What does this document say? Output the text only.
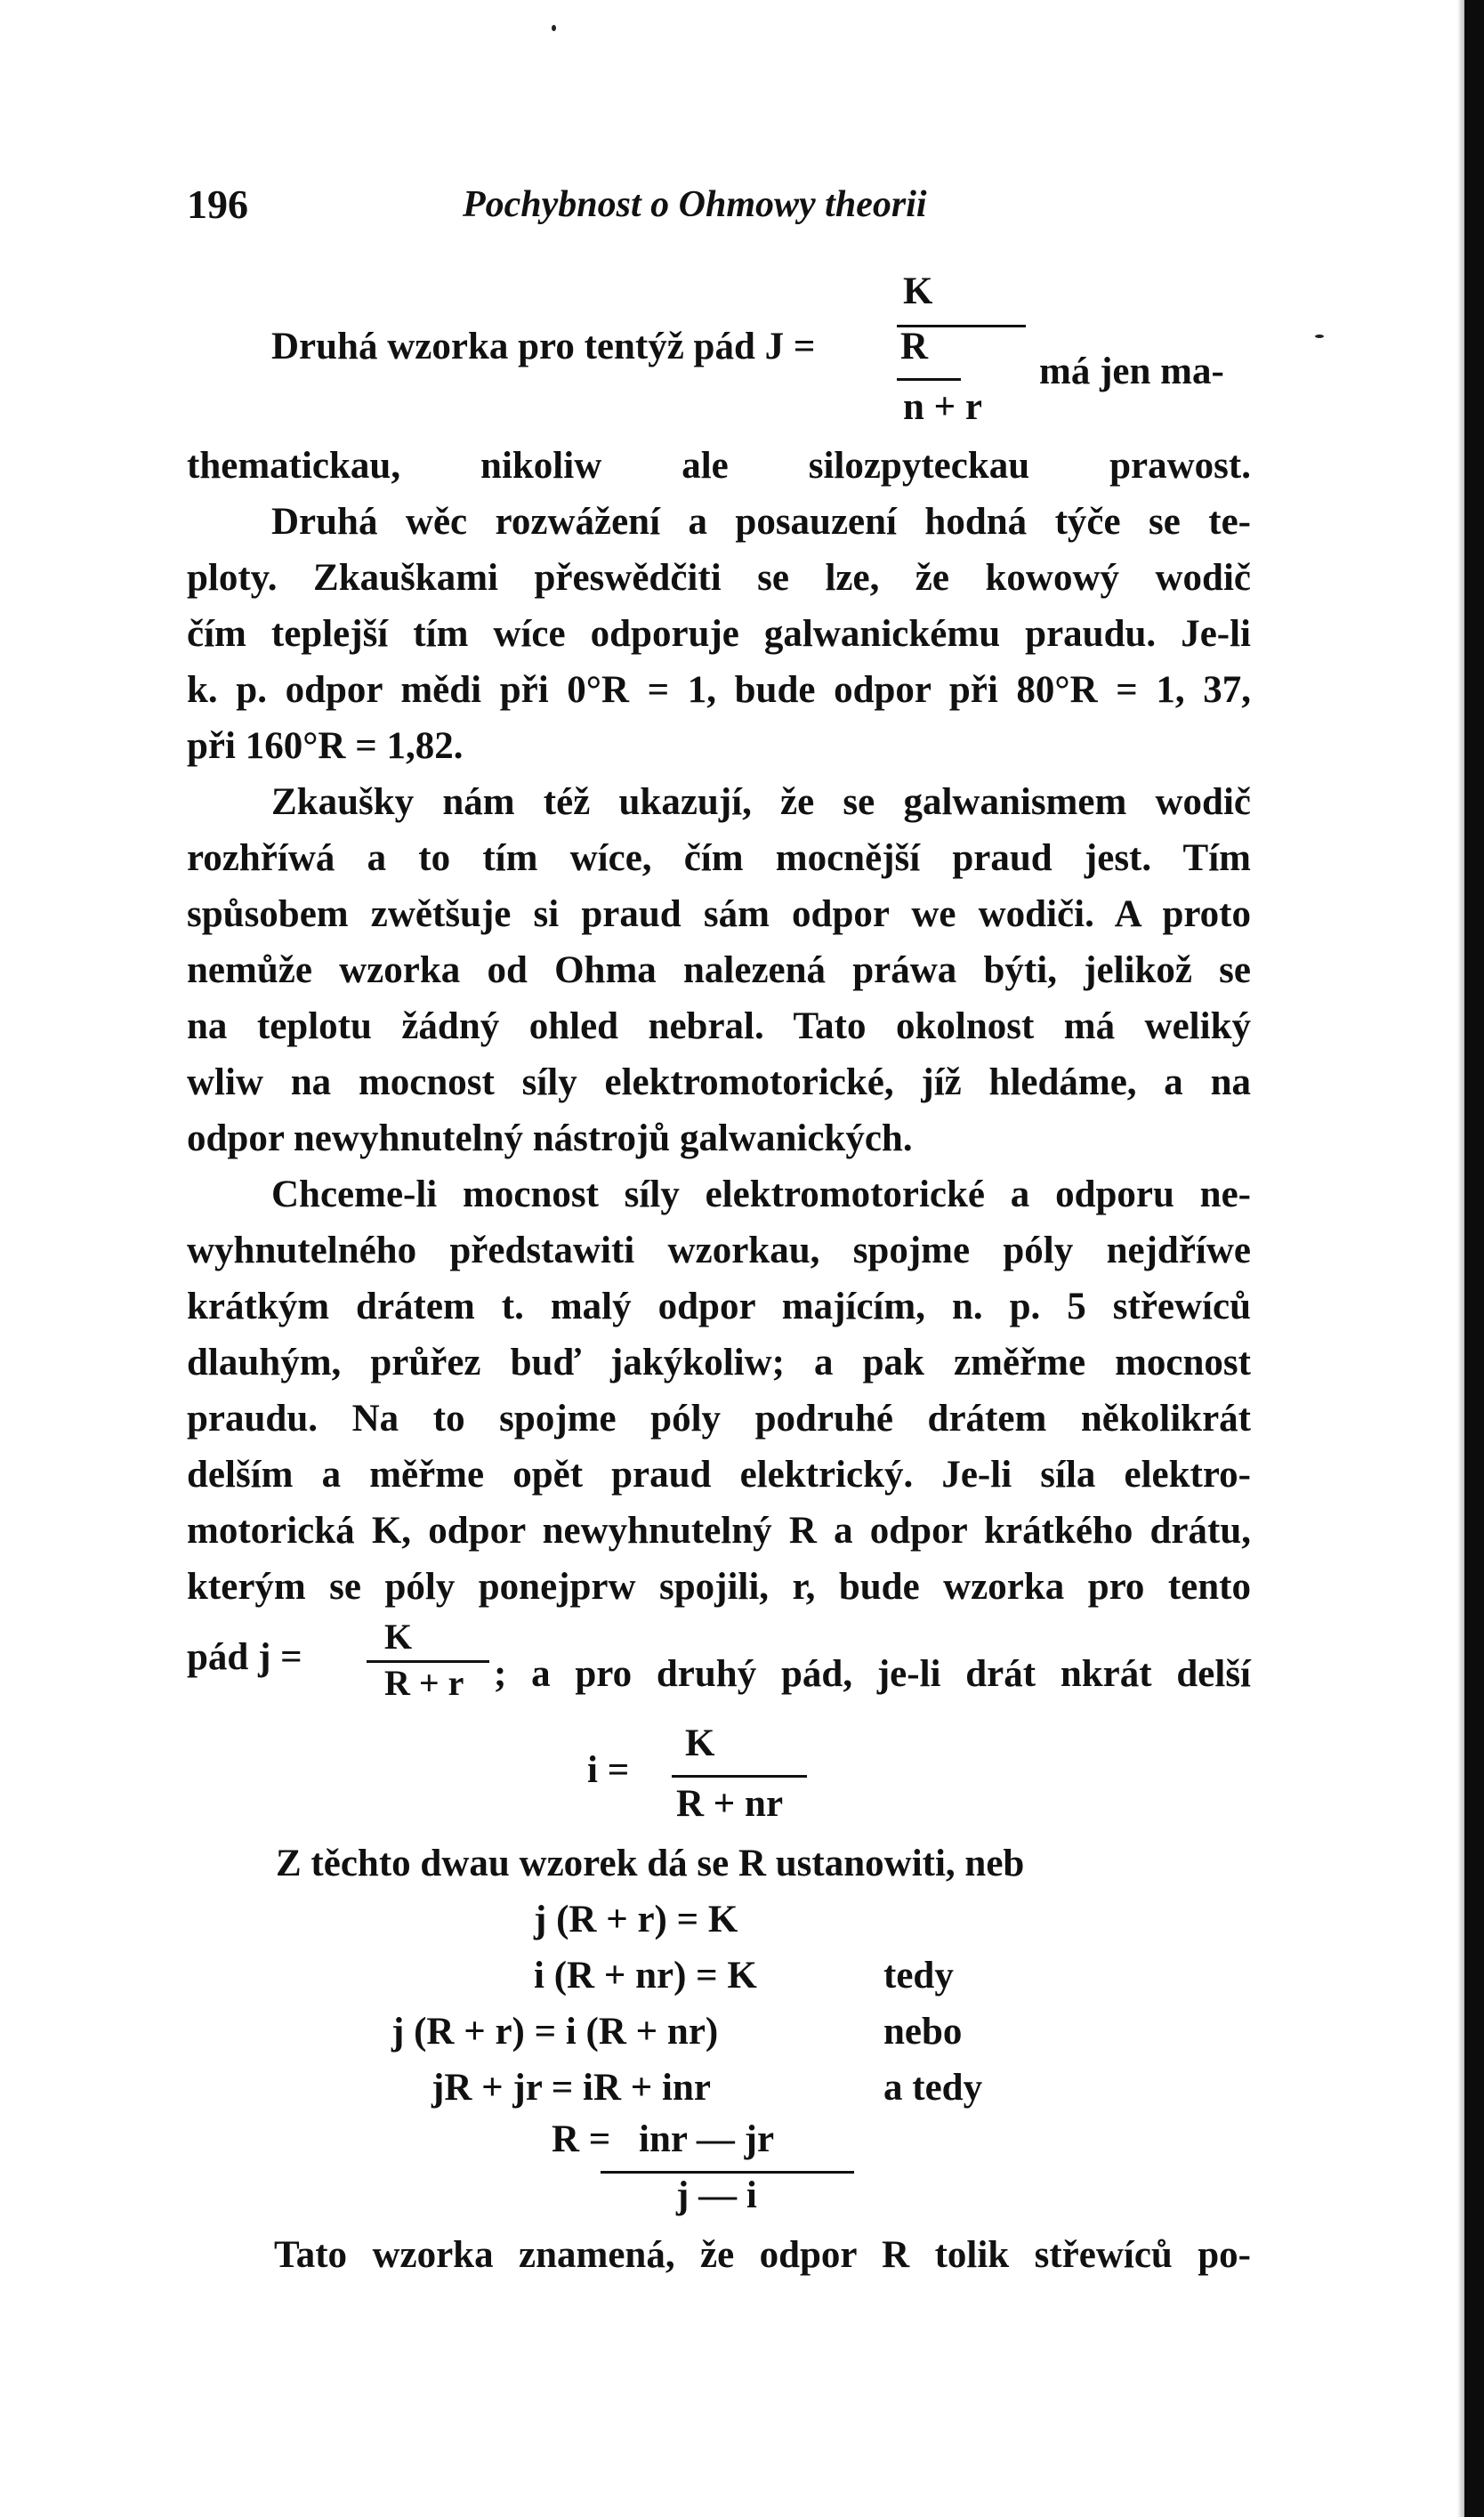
196	Pochybnost o Ohmowy theorii
K
Druhá wzorka pro tentýž pád J = R
má jen ma-
n + r
thematickau, nikoliw ale silozpyteckau prawost.
Druhá wěc rozwážení a posauzení hodná týče se te-
ploty. Zkauškami přeswědčiti se lze, že kowowý wodič
čím teplejší tím wíce odporuje galwanickému praudu. Je-li
k. p. odpor mědi při 0°R = 1, bude odpor při 80°R = 1, 37,
při 160°R = 1,82.
Zkaušky nám též ukazují, že se galwanismem wodič
rozhříwá a to tím wíce, čím mocnější praud jest. Tím
spůsobem zwětšuje si praud sám odpor we wodiči. A proto
nemůže wzorka od Ohma nalezená práwa býti, jelikož se
na teplotu žádný ohled nebral. Tato okolnost má weliký
wliw na mocnost síly elektromotorické, jíž hledáme, a na
odpor newyhnutelný nástrojů galwanických.
Chceme-li mocnost síly elektromotorické a odporu ne-
wyhnutelného předstawiti wzorkau, spojme póly nejdříwe
krátkým drátem t. malý odpor majícím, n. p. 5 střewíců
dlauhým, průřez buď jakýkoliw; a pak změřme mocnost
praudu. Na to spojme póly podruhé drátem několikrát
delším a měřme opět praud elektrický. Je-li síla elektro-
motorická K, odpor newyhnutelný R a odpor krátkého drátu,
kterým se póly ponejprw spojili, r, bude wzorka pro tento
pád j = K
R + r ; a pro druhý pád, je-li drát nkrát delší
i =
K
R + nr
Z těchto dwau wzorek dá se R ustanowiti, neb
j (R + r) = K
i (R + nr) = K	tedy
j (R + r) = i (R + nr)	nebo
jR + jr = iR + inr	a tedy
R = inr — jr
j — i
Tato wzorka znamená, že odpor R tolik střewíců po-
